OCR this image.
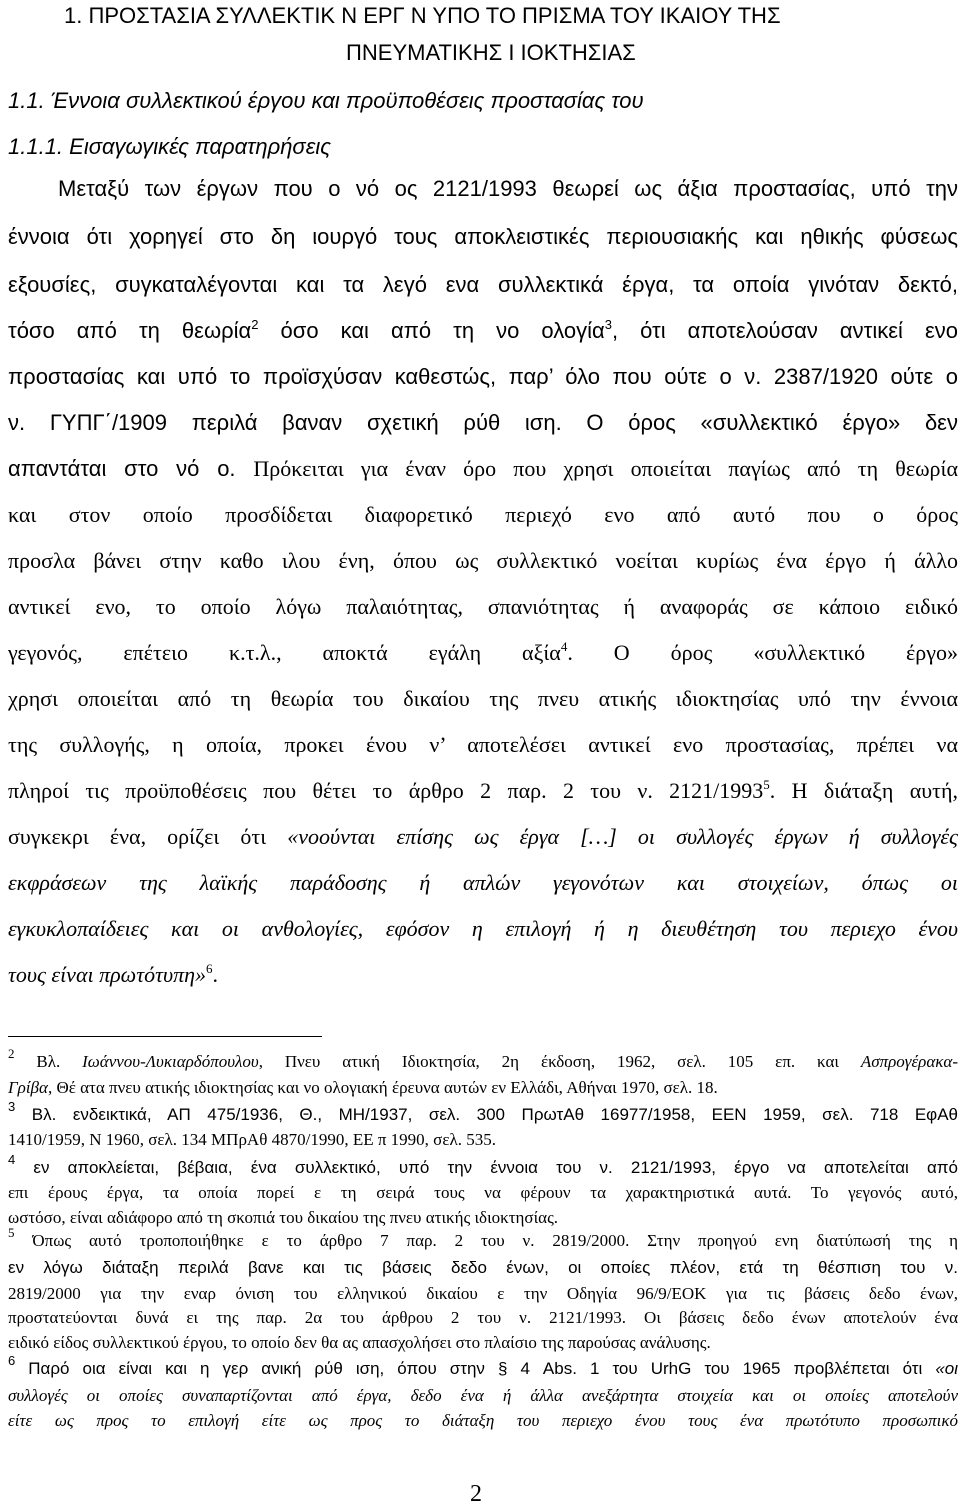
1. ΠΡΟΣΤΑΣΙΑ ΣΥΛΛΕΚΤΙΚ Ν ΕΡΓ Ν ΥΠΟ ΤΟ ΠΡΙΣΜΑ ΤΟΥ ΙΚΑΙΟΥ ΤΗΣ
ΠΝΕΥΜΑΤΙΚΗΣ Ι ΙΟΚΤΗΣΙΑΣ
1.1. Έννοια συλλεκτικού έργου και προϋποθέσεις προστασίας του
1.1.1. Εισαγωγικές παρατηρήσεις
Μεταξύ των έργων που ο νό ος 2121/1993 θεωρεί ως άξια προστασίας, υπό την
έννοια ότι χορηγεί στο δη ιουργό τους αποκλειστικές περιουσιακής και ηθικής φύσεως
εξουσίες, συγκαταλέγονται και τα λεγό ενα συλλεκτικά έργα, τα οποία γινόταν δεκτό,
τόσο από τη θεωρία$^2$ όσο και από τη νο ολογία$^3$, ότι αποτελούσαν αντικεί ενο
προστασίας και υπό το προϊσχύσαν καθεστώς, παρ’ όλο που ούτε ο ν. 2387/1920 ούτε ο
ν. ΓΥΠΓ΄/1909 περιλά βαναν σχετική ρύθ ιση. Ο όρος «συλλεκτικό έργο» δεν
απαντάται στο νό ο. Πρόκειται για έναν όρο που χρησι οποιείται παγίως από τη θεωρία
και στον οποίο προσδίδεται διαφορετικό περιεχό ενο από αυτό που ο όρος
προσλα βάνει στην καθο ιλου ένη, όπου ως συλλεκτικό νοείται κυρίως ένα έργο ή άλλο
αντικεί ενο, το οποίο λόγω παλαιότητας, σπανιότητας ή αναφοράς σε κάποιο ειδικό
γεγονός, επέτειο κ.τ.λ., αποκτά εγάλη αξία$^4$. Ο όρος «συλλεκτικό έργο»
χρησι οποιείται από τη θεωρία του δικαίου της πνευ ατικής ιδιοκτησίας υπό την έννοια
της συλλογής, η οποία, προκει ένου ν’ αποτελέσει αντικεί ενο προστασίας, πρέπει να
πληροί τις προϋποθέσεις που θέτει το άρθρο 2 παρ. 2 του ν. 2121/1993$^5$. Η διάταξη αυτή,
συγκεκρι ένα, ορίζει ότι «νοούνται επίσης ως έργα […] οι συλλογές έργων ή συλλογές
εκφράσεων της λαϊκής παράδοσης ή απλών γεγονότων και στοιχείων, όπως οι
εγκυκλοπαίδειες και οι ανθολογίες, εφόσον η επιλογή ή η διευθέτηση του περιεχο ένου
τους είναι πρωτότυπη»$^6$.
$^2$ Βλ. Ιωάννου-Λυκιαρδόπουλου, Πνευ ατική Ιδιοκτησία, 2η έκδοση, 1962, σελ. 105 επ. και Ασπρογέρακα-
Γρίβα, Θέ ατα πνευ ατικής ιδιοκτησίας και νο ολογιακή έρευνα αυτών εν Ελλάδι, Αθήναι 1970, σελ. 18.
$^3$ Βλ. ενδεικτικά, ΑΠ 475/1936, Θ., ΜΗ/1937, σελ. 300 ΠρωτΑθ 16977/1958, ΕΕΝ 1959, σελ. 718 ΕφΑθ
1410/1959, Ν 1960, σελ. 134 ΜΠρΑθ 4870/1990, ΕΕ π 1990, σελ. 535.
$^4$ εν αποκλείεται, βέβαια, ένα συλλεκτικό, υπό την έννοια του ν. 2121/1993, έργο να αποτελείται από
επι έρους έργα, τα οποία πορεί ε τη σειρά τους να φέρουν τα χαρακτηριστικά αυτά. Το γεγονός αυτό,
ωστόσο, είναι αδιάφορο από τη σκοπιά του δικαίου της πνευ ατικής ιδιοκτησίας.
$^5$ Όπως αυτό τροποποιήθηκε ε το άρθρο 7 παρ. 2 του ν. 2819/2000. Στην προηγού ενη διατύπωσή της η
εν λόγω διάταξη περιλά βανε και τις βάσεις δεδο ένων, οι οποίες πλέον, ετά τη θέσπιση του ν.
2819/2000 για την εναρ όνιση του ελληνικού δικαίου ε την Οδηγία 96/9/ΕΟΚ για τις βάσεις δεδο ένων,
προστατεύονται δυνά ει της παρ. 2α του άρθρου 2 του ν. 2121/1993. Οι βάσεις δεδο ένων αποτελούν ένα
ειδικό είδος συλλεκτικού έργου, το οποίο δεν θα ας απασχολήσει στο πλαίσιο της παρούσας ανάλυσης.
$^6$ Παρό οια είναι και η γερ ανική ρύθ ιση, όπου στην § 4 Abs. 1 του UrhG του 1965 προβλέπεται ότι «οι
συλλογές οι οποίες συναπαρτίζονται από έργα, δεδο ένα ή άλλα ανεξάρτητα στοιχεία και οι οποίες αποτελούν
είτε ως προς το επιλογή είτε ως προς το διάταξη του περιεχο ένου τους ένα πρωτότυπο προσωπικό
2
